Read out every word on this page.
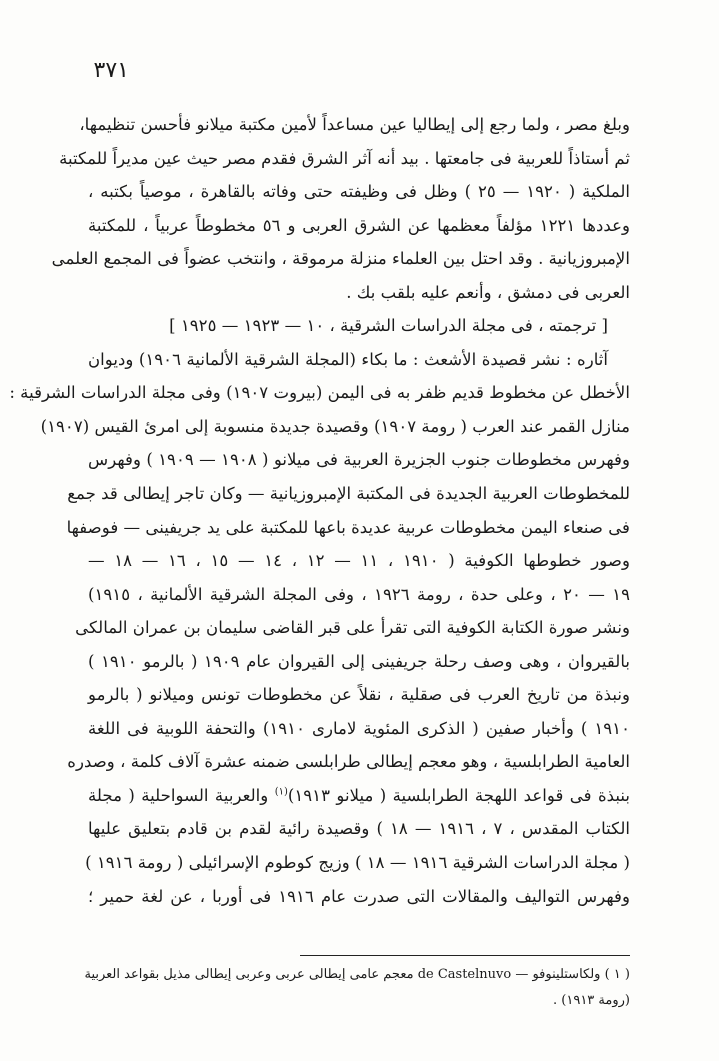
٣٧١
وبلغ مصر ، ولما رجع إلى إيطاليا عين مساعداً لأمين مكتبة ميلانو فأحسن تنظيمها،
ثم أستاذاً للعربية فى جامعتها . بيد أنه آثر الشرق فقدم مصر حيث عين مديراً للمكتبة
الملكية ( ١٩٢٠ — ٢٥ ) وظل فى وظيفته حتى وفاته بالقاهرة ، موصياً بكتبه ،
وعددها ١٢٢١ مؤلفاً معظمها عن الشرق العربى و ٥٦ مخطوطاً عربياً ، للمكتبة
الإمبروزيانية . وقد احتل بين العلماء منزلة مرموقة ، وانتخب عضواً فى المجمع العلمى
العربى فى دمشق ، وأنعم عليه بلقب بك .
[ ترجمته ، فى مجلة الدراسات الشرقية ، ١٠ — ١٩٢٣ — ١٩٢٥ ]
آثاره : نشر قصيدة الأشعث : ما بكاء (المجلة الشرقية الألمانية ١٩٠٦) وديوان
الأخطل عن مخطوط قديم ظفر به فى اليمن (بيروت ١٩٠٧) وفى مجلة الدراسات الشرقية :
منازل القمر عند العرب ( رومة ١٩٠٧) وقصيدة جديدة منسوبة إلى امرئ القيس (١٩٠٧)
وفهرس مخطوطات جنوب الجزيرة العربية فى ميلانو ( ١٩٠٨ — ١٩٠٩ ) وفهرس
للمخطوطات العربية الجديدة فى المكتبة الإمبروزيانية — وكان تاجر إيطالى قد جمع
فى صنعاء اليمن مخطوطات عربية عديدة باعها للمكتبة على يد جريفينى — فوصفها
وصور خطوطها الكوفية ( ١٩١٠ ، ١١ — ١٢ ، ١٤ — ١٥ ، ١٦ — ١٨ —
١٩ — ٢٠ ، وعلى حدة ، رومة ١٩٢٦ ، وفى المجلة الشرقية الألمانية ، ١٩١٥)
ونشر صورة الكتابة الكوفية التى تقرأ على قبر القاضى سليمان بن عمران المالكى
بالقيروان ، وهى وصف رحلة جريفينى إلى القيروان عام ١٩٠٩ ( بالرمو ١٩١٠ )
ونبذة من تاريخ العرب فى صقلية ، نقلاً عن مخطوطات تونس وميلانو ( بالرمو
١٩١٠ ) وأخبار صفين ( الذكرى المئوية لامارى ١٩١٠) والتحفة اللوبية فى اللغة
العامية الطرابلسية ، وهو معجم إيطالى طرابلسى ضمنه عشرة آلاف كلمة ، وصدره
بنبذة فى قواعد اللهجة الطرابلسية ( ميلانو ١٩١٣)$^{(١)}$ والعربية السواحلية ( مجلة
الكتاب المقدس ، ٧ ، ١٩١٦ — ١٨ ) وقصيدة رائية لقدم بن قادم بتعليق عليها
( مجلة الدراسات الشرقية ١٩١٦ — ١٨ ) وزيج كوطوم الإسرائيلى ( رومة ١٩١٦ )
وفهرس التواليف والمقالات التى صدرت عام ١٩١٦ فى أوربا ، عن لغة حمير ؛
( ١ ) ولكاستلينوفو — de Castelnuvo معجم عامى إيطالى عربى وعربى إيطالى مذيل بقواعد العربية
(رومة ١٩١٣) .
